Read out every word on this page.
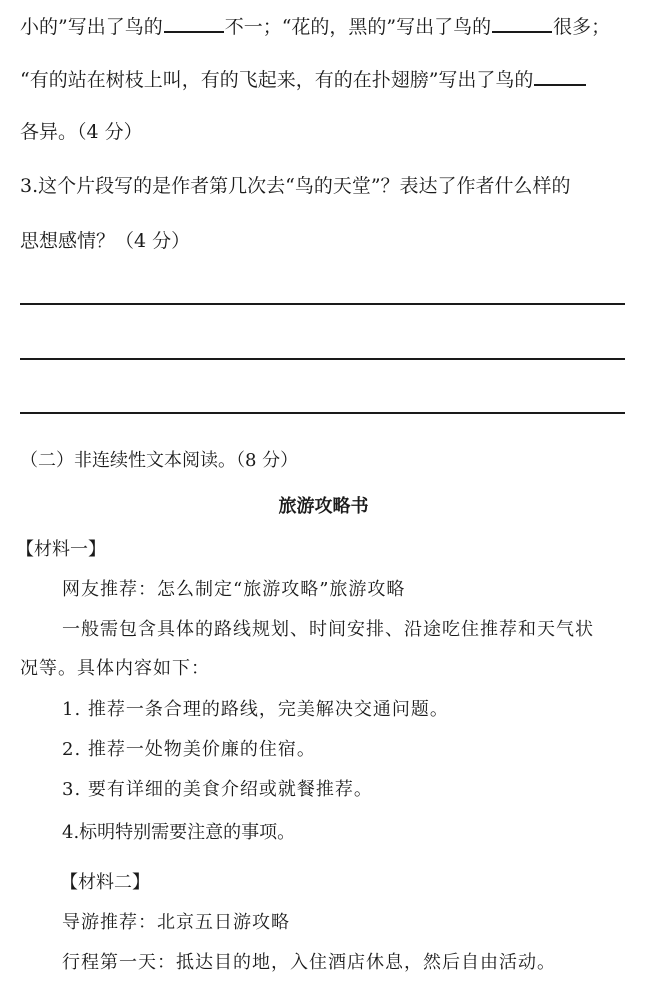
小的”写出了鸟的	不一；“花的，黑的”写出了鸟的	很多；
“有的站在树枝上叫，有的飞起来，有的在扑翅膀”写出了鸟的
各异。（4 分）
3.这个片段写的是作者第几次去“鸟的天堂”？表达了作者什么样的
思想感情？（4 分）
（二）非连续性文本阅读。（8 分）
旅游攻略书
【材料一】
网友推荐：怎么制定“旅游攻略”旅游攻略
一般需包含具体的路线规划、时间安排、沿途吃住推荐和天气状
况等。具体内容如下：
1. 推荐一条合理的路线，完美解决交通问题。
2. 推荐一处物美价廉的住宿。
3. 要有详细的美食介绍或就餐推荐。
4.标明特别需要注意的事项。
【材料二】
导游推荐：北京五日游攻略
行程第一天：抵达目的地，入住酒店休息，然后自由活动。
